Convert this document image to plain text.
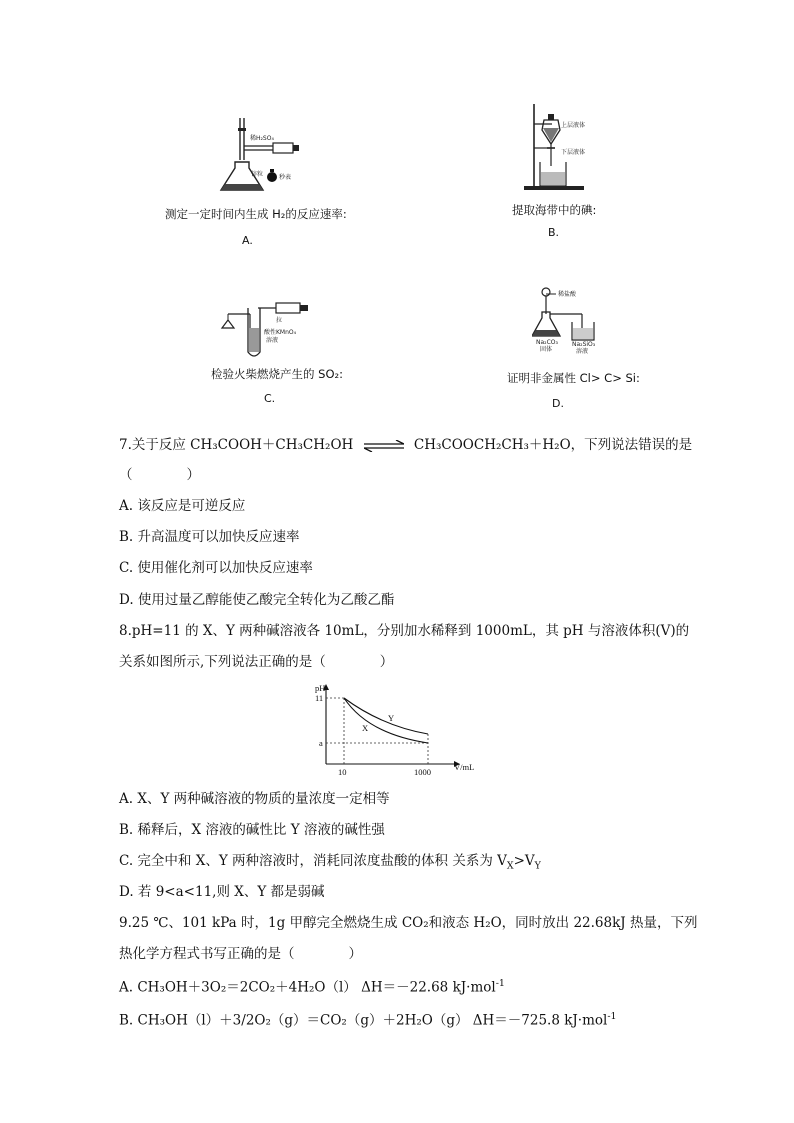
稀H₂SO₄
锌粒	秒表
测定一定时间内生成 H₂的反应速率:
A.
上层液体
下层液体
提取海带中的碘:
B.
拉
酸性KMnO₄
溶液
检验火柴燃烧产生的 SO₂:
C.
稀盐酸
Na₂CO₃
固体
Na₂SiO₃
溶液
证明非金属性 Cl> C> Si:
D.
7.关于反应 CH₃COOH＋CH₃CH₂OH ⇌ CH₃COOCH₂CH₃＋H₂O，下列说法错误的是
（　　　　）
A. 该反应是可逆反应
B. 升高温度可以加快反应速率
C. 使用催化剂可以加快反应速率
D. 使用过量乙醇能使乙酸完全转化为乙酸乙酯
8.pH=11 的 X、Y 两种碱溶液各 10mL，分别加水稀释到 1000mL，其 pH 与溶液体积(V)的
关系如图所示,下列说法正确的是（　　　　）
pH
11
a
10	1000	V/mL
X
Y
A. X、Y 两种碱溶液的物质的量浓度一定相等
B. 稀释后，X 溶液的碱性比 Y 溶液的碱性强
C. 完全中和 X、Y 两种溶液时，消耗同浓度盐酸的体积 关系为 $V_X>V_Y$
D. 若 9<a<11,则 X、Y 都是弱碱
9.25 ℃、101 kPa 时，1g 甲醇完全燃烧生成 CO₂和液态 H₂O，同时放出 22.68kJ 热量，下列
热化学方程式书写正确的是（　　　　）
A. CH₃OH＋3O₂＝2CO₂＋4H₂O（l） ΔH＝－22.68 kJ·mol$^{-1}$
B. CH₃OH（l）＋3/2O₂（g）＝CO₂（g）＋2H₂O（g） ΔH＝－725.8 kJ·mol$^{-1}$
